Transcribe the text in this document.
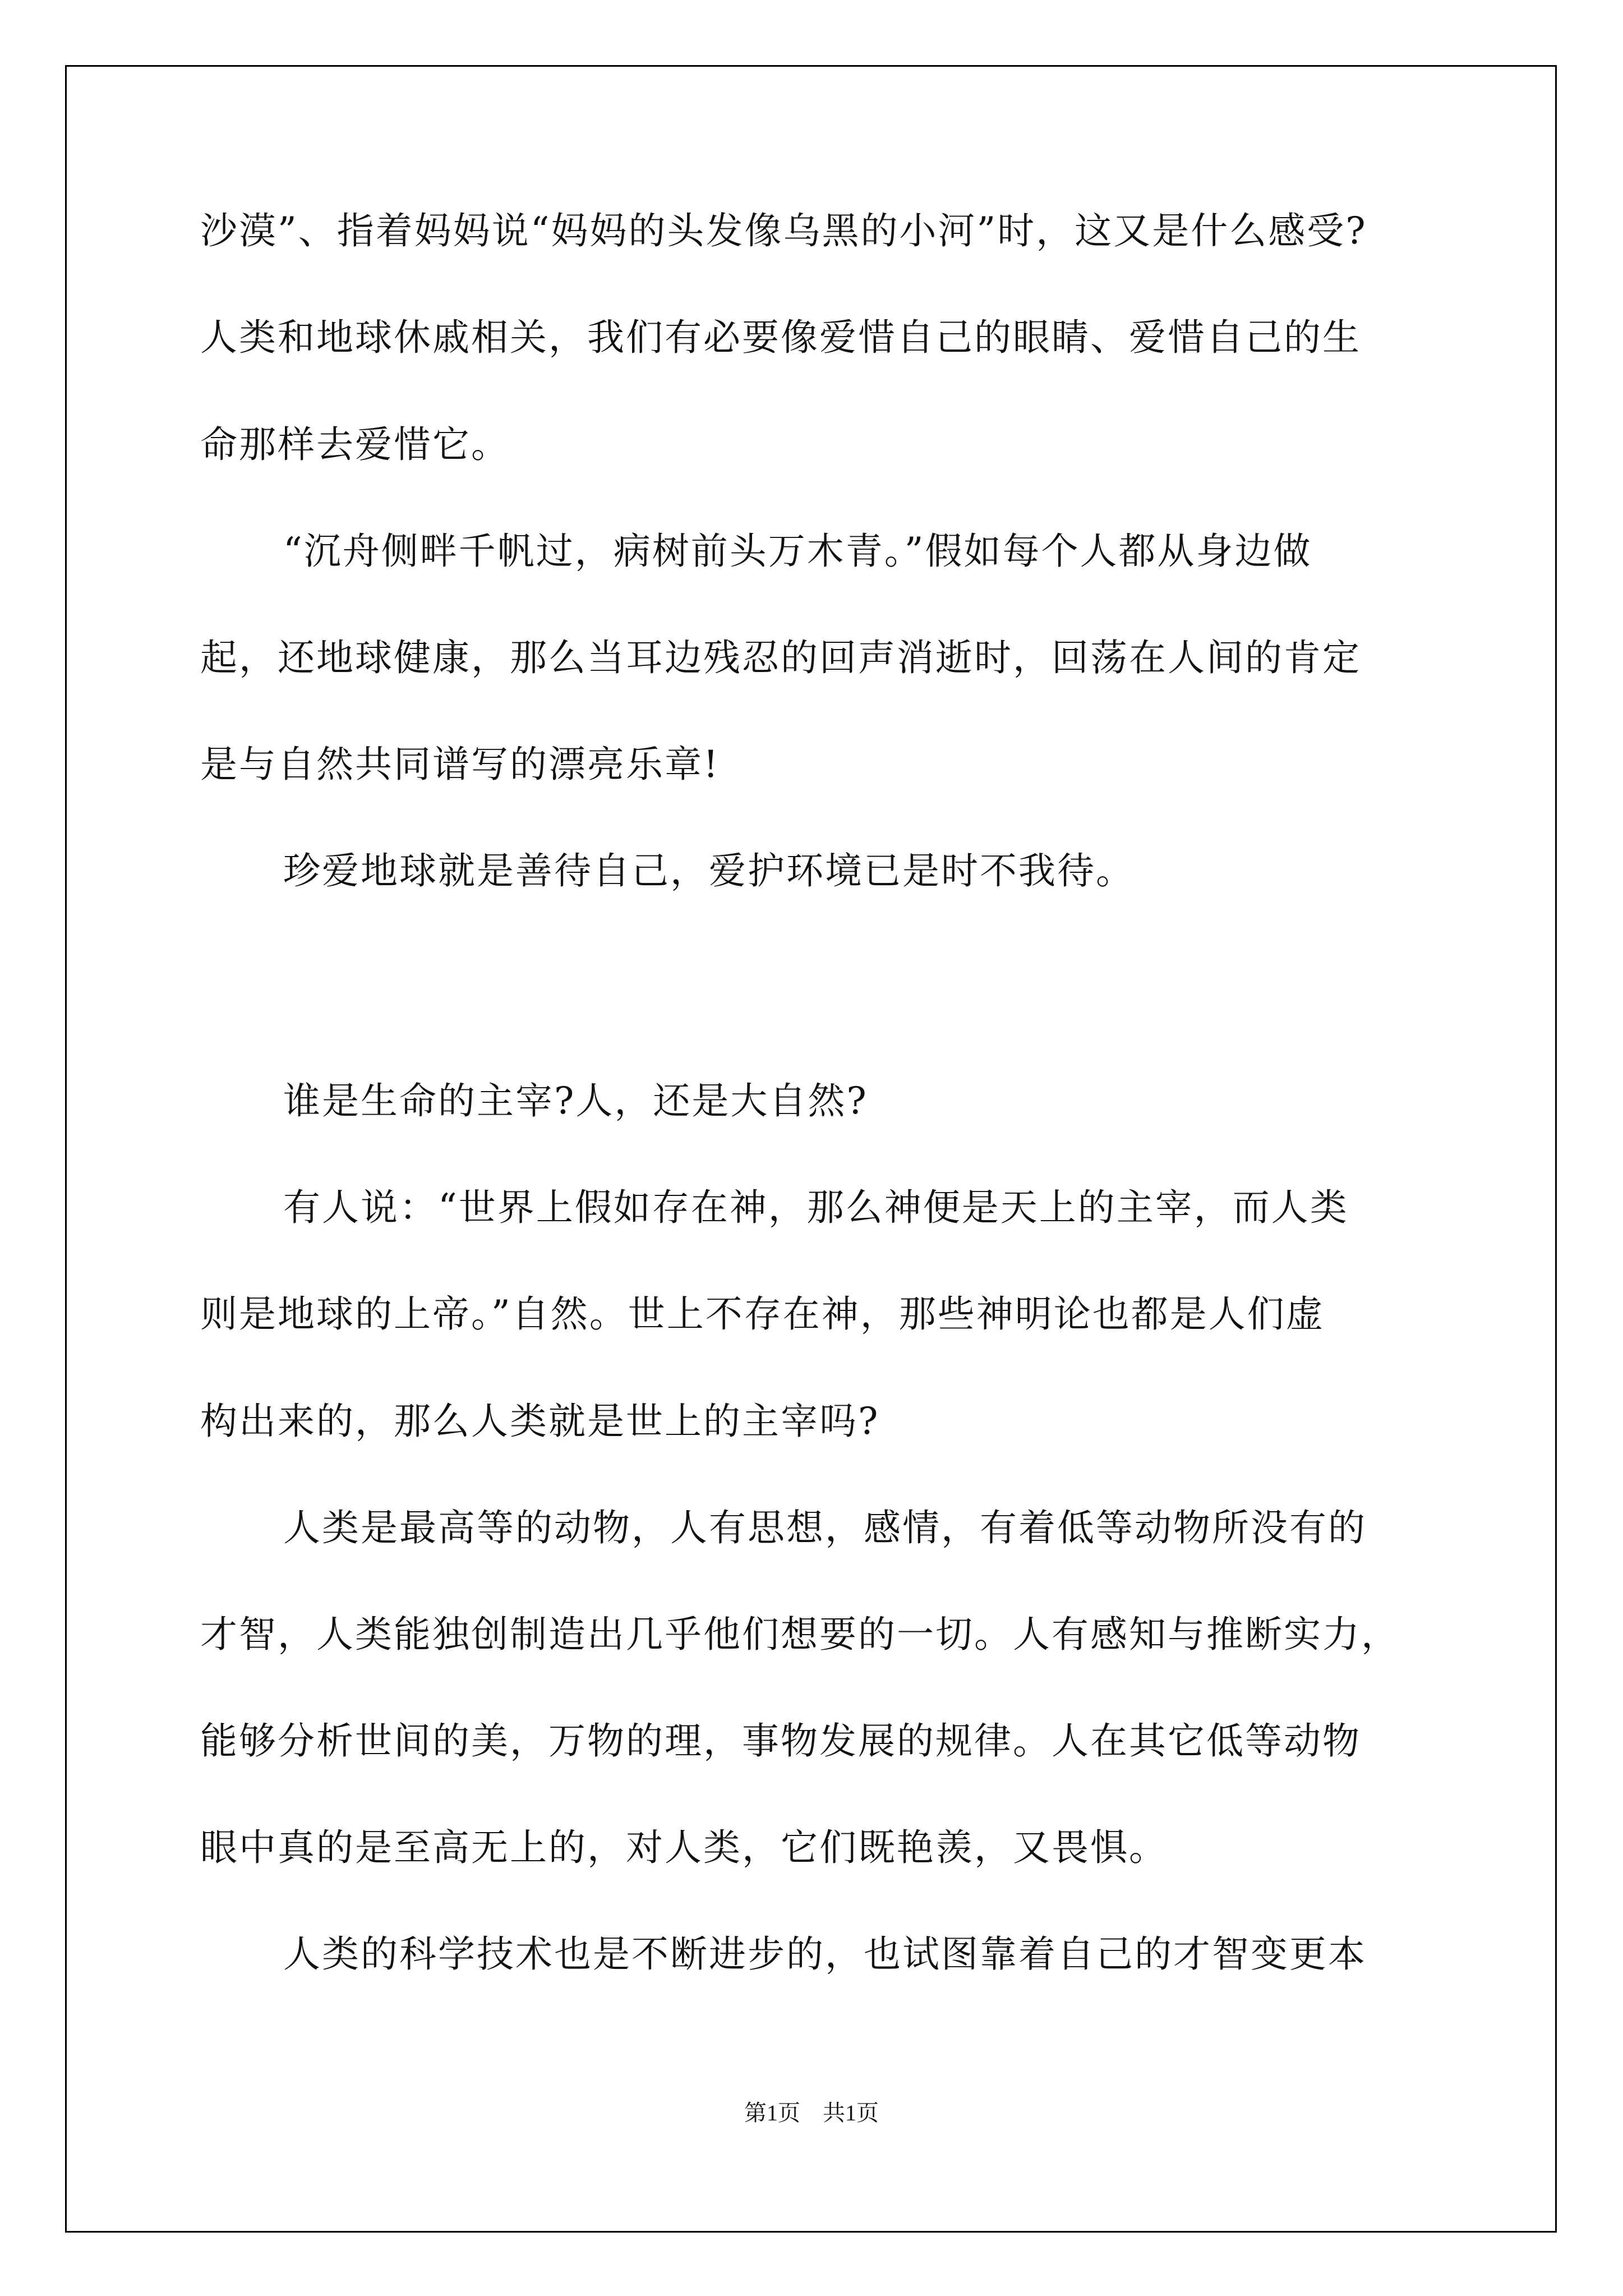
沙漠”、指着妈妈说“妈妈的头发像乌黑的小河”时，这又是什么感受?

人类和地球休戚相关，我们有必要像爱惜自己的眼睛、爱惜自己的生

命那样去爱惜它。

“沉舟侧畔千帆过，病树前头万木青。”假如每个人都从身边做

起，还地球健康，那么当耳边残忍的回声消逝时，回荡在人间的肯定

是与自然共同谱写的漂亮乐章!

珍爱地球就是善待自己，爱护环境已是时不我待。

谁是生命的主宰?人，还是大自然?

有人说：“世界上假如存在神，那么神便是天上的主宰，而人类

则是地球的上帝。”自然。世上不存在神，那些神明论也都是人们虚

构出来的，那么人类就是世上的主宰吗?

人类是最高等的动物，人有思想，感情，有着低等动物所没有的

才智，人类能独创制造出几乎他们想要的一切。人有感知与推断实力，

能够分析世间的美，万物的理，事物发展的规律。人在其它低等动物

眼中真的是至高无上的，对人类，它们既艳羡，又畏惧。

人类的科学技术也是不断进步的，也试图靠着自己的才智变更本

第1页　共1页
